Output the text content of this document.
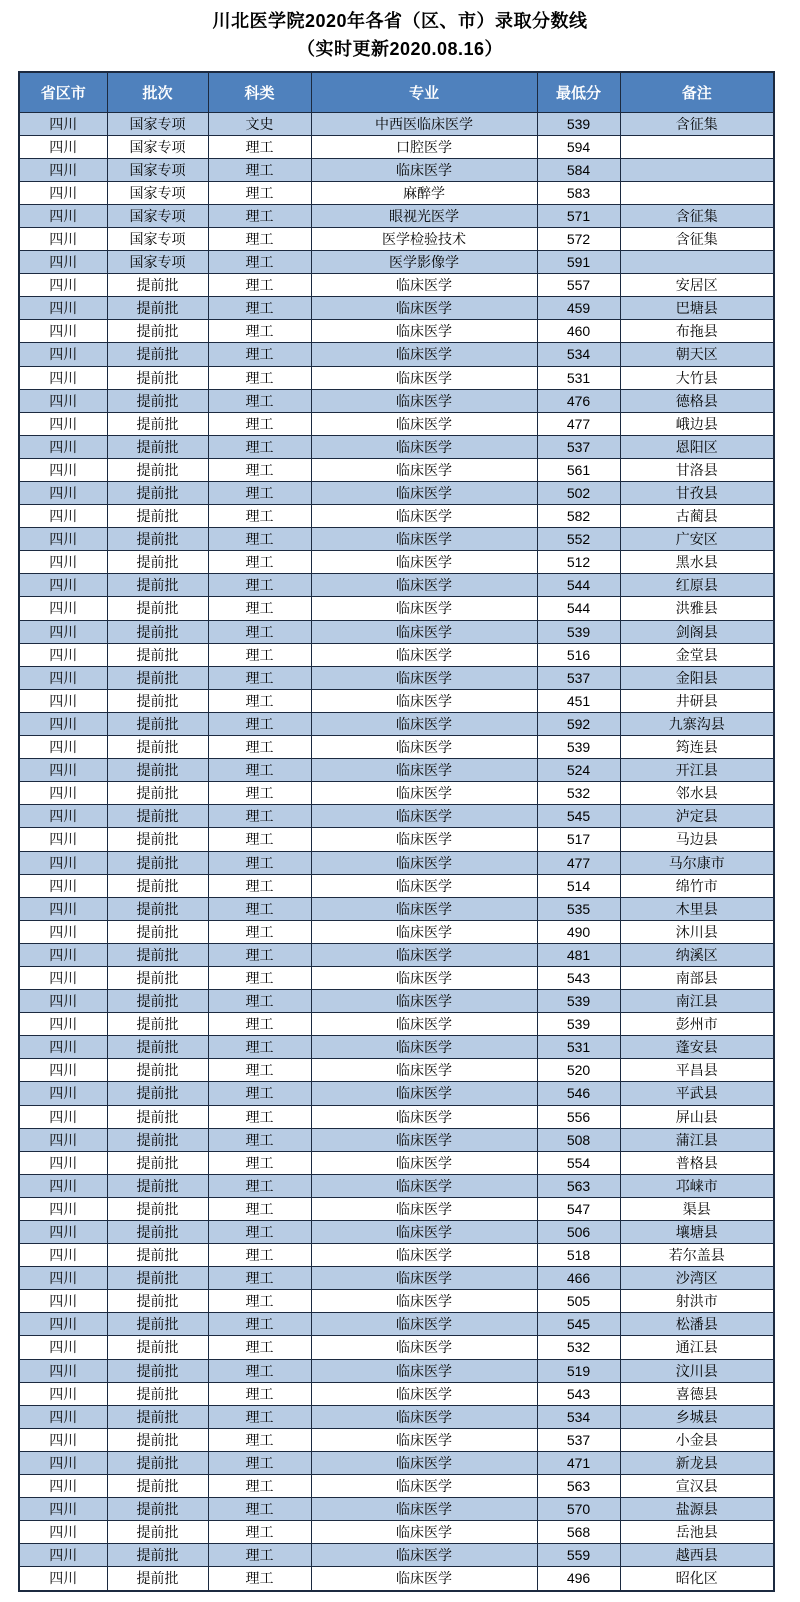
川北医学院2020年各省（区、市）录取分数线
（实时更新2020.08.16）
省区市	批次	科类	专业	最低分	备注
四川	国家专项	文史	中西医临床医学	539	含征集
四川	国家专项	理工	口腔医学	594	
四川	国家专项	理工	临床医学	584	
四川	国家专项	理工	麻醉学	583	
四川	国家专项	理工	眼视光医学	571	含征集
四川	国家专项	理工	医学检验技术	572	含征集
四川	国家专项	理工	医学影像学	591	
四川	提前批	理工	临床医学	557	安居区
四川	提前批	理工	临床医学	459	巴塘县
四川	提前批	理工	临床医学	460	布拖县
四川	提前批	理工	临床医学	534	朝天区
四川	提前批	理工	临床医学	531	大竹县
四川	提前批	理工	临床医学	476	德格县
四川	提前批	理工	临床医学	477	峨边县
四川	提前批	理工	临床医学	537	恩阳区
四川	提前批	理工	临床医学	561	甘洛县
四川	提前批	理工	临床医学	502	甘孜县
四川	提前批	理工	临床医学	582	古蔺县
四川	提前批	理工	临床医学	552	广安区
四川	提前批	理工	临床医学	512	黑水县
四川	提前批	理工	临床医学	544	红原县
四川	提前批	理工	临床医学	544	洪雅县
四川	提前批	理工	临床医学	539	剑阁县
四川	提前批	理工	临床医学	516	金堂县
四川	提前批	理工	临床医学	537	金阳县
四川	提前批	理工	临床医学	451	井研县
四川	提前批	理工	临床医学	592	九寨沟县
四川	提前批	理工	临床医学	539	筠连县
四川	提前批	理工	临床医学	524	开江县
四川	提前批	理工	临床医学	532	邻水县
四川	提前批	理工	临床医学	545	泸定县
四川	提前批	理工	临床医学	517	马边县
四川	提前批	理工	临床医学	477	马尔康市
四川	提前批	理工	临床医学	514	绵竹市
四川	提前批	理工	临床医学	535	木里县
四川	提前批	理工	临床医学	490	沐川县
四川	提前批	理工	临床医学	481	纳溪区
四川	提前批	理工	临床医学	543	南部县
四川	提前批	理工	临床医学	539	南江县
四川	提前批	理工	临床医学	539	彭州市
四川	提前批	理工	临床医学	531	蓬安县
四川	提前批	理工	临床医学	520	平昌县
四川	提前批	理工	临床医学	546	平武县
四川	提前批	理工	临床医学	556	屏山县
四川	提前批	理工	临床医学	508	蒲江县
四川	提前批	理工	临床医学	554	普格县
四川	提前批	理工	临床医学	563	邛崃市
四川	提前批	理工	临床医学	547	渠县
四川	提前批	理工	临床医学	506	壤塘县
四川	提前批	理工	临床医学	518	若尔盖县
四川	提前批	理工	临床医学	466	沙湾区
四川	提前批	理工	临床医学	505	射洪市
四川	提前批	理工	临床医学	545	松潘县
四川	提前批	理工	临床医学	532	通江县
四川	提前批	理工	临床医学	519	汶川县
四川	提前批	理工	临床医学	543	喜德县
四川	提前批	理工	临床医学	534	乡城县
四川	提前批	理工	临床医学	537	小金县
四川	提前批	理工	临床医学	471	新龙县
四川	提前批	理工	临床医学	563	宣汉县
四川	提前批	理工	临床医学	570	盐源县
四川	提前批	理工	临床医学	568	岳池县
四川	提前批	理工	临床医学	559	越西县
四川	提前批	理工	临床医学	496	昭化区
